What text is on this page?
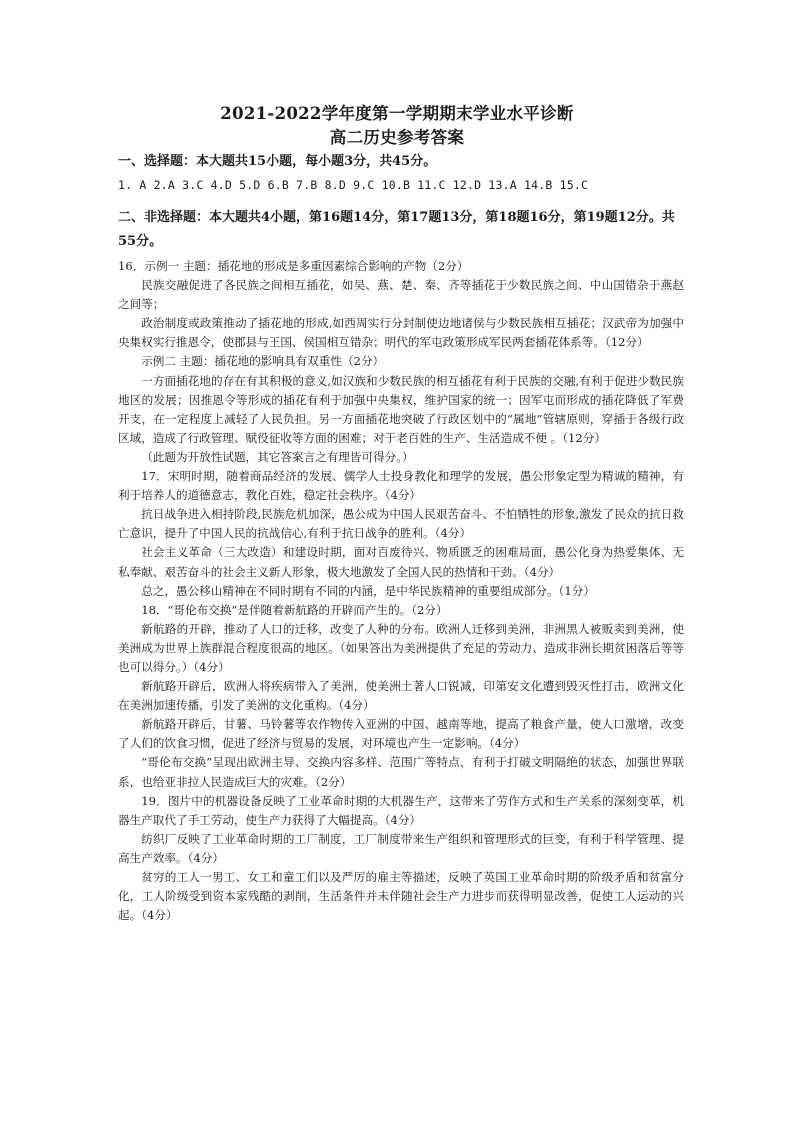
2021-2022学年度第一学期期末学业水平诊断
高二历史参考答案
一、选择题：本大题共15小题，每小题3分，共45分。
1. A 2.A 3.C 4.D 5.D 6.B 7.B 8.D 9.C 10.B 11.C 12.D 13.A 14.B 15.C
二、非选择题：本大题共4小题，第16题14分，第17题13分，第18题16分，第19题12分。共55分。

16．示例一 主题：插花地的形成是多重因素综合影响的产物（2分）

民族交融促进了各民族之间相互插花，如吴、燕、楚、秦、齐等插花于少数民族之间、中山国错杂于燕赵之间等；

政治制度或政策推动了插花地的形成,如西周实行分封制使边地诸侯与少数民族相互插花；汉武帝为加强中央集权实行推恩令，使郡县与王国、侯国相互错杂；明代的军屯政策形成军民两套插花体系等。（12分）

示例二 主题：插花地的影响具有双重性（2分）

一方面插花地的存在有其积极的意义,如汉族和少数民族的相互插花有利于民族的交融,有利于促进少数民族地区的发展；因推恩令等形成的插花有利于加强中央集权，维护国家的统一；因军屯而形成的插花降低了军费开支，在一定程度上减轻了人民负担。另一方面插花地突破了行政区划中的“属地”管辖原则，穿插于各级行政区域，造成了行政管理、赋役征收等方面的困难；对于老百姓的生产、生活造成不便 。（12分）

（此题为开放性试题，其它答案言之有理皆可得分。）

17．宋明时期，随着商品经济的发展、儒学人士投身教化和理学的发展，愚公形象定型为精诚的精神，有利于培养人的道德意志，教化百姓，稳定社会秩序。（4分）

抗日战争进入相持阶段,民族危机加深，愚公成为中国人民艰苦奋斗、不怕牺牲的形象,激发了民众的抗日救亡意识，提升了中国人民的抗战信心,有利于抗日战争的胜利。（4分）

社会主义革命（三大改造）和建设时期，面对百废待兴、物质匮乏的困难局面，愚公化身为热爱集体、无私奉献、艰苦奋斗的社会主义新人形象，极大地激发了全国人民的热情和干劲。（4分）

总之，愚公移山精神在不同时期有不同的内涵，是中华民族精神的重要组成部分。（1分）

18．“哥伦布交换”是伴随着新航路的开辟而产生的。（2分）

新航路的开辟，推动了人口的迁移，改变了人种的分布。欧洲人迁移到美洲，非洲黑人被贩卖到美洲，使美洲成为世界上族群混合程度很高的地区。（如果答出为美洲提供了充足的劳动力、造成非洲长期贫困落后等等也可以得分。）（4分）

新航路开辟后，欧洲人将疾病带入了美洲，使美洲土著人口锐减，印第安文化遭到毁灭性打击，欧洲文化在美洲加速传播，引发了美洲的文化重构。（4分）

新航路开辟后，甘薯、马铃薯等农作物传入亚洲的中国、越南等地，提高了粮食产量，使人口激增，改变了人们的饮食习惯，促进了经济与贸易的发展，对环境也产生一定影响。（4分）

“哥伦布交换”呈现出欧洲主导、交换内容多样、范围广等特点，有利于打破文明隔绝的状态，加强世界联系，也给亚非拉人民造成巨大的灾难。（2分）

19．图片中的机器设备反映了工业革命时期的大机器生产，这带来了劳作方式和生产关系的深刻变革，机器生产取代了手工劳动，使生产力获得了大幅提高。（4分）

纺织厂反映了工业革命时期的工厂制度，工厂制度带来生产组织和管理形式的巨变，有利于科学管理、提高生产效率。（4分）

贫穷的工人一男工、女工和童工们以及严厉的雇主等描述，反映了英国工业革命时期的阶级矛盾和贫富分化，工人阶级受到资本家残酷的剥削，生活条件并未伴随社会生产力进步而获得明显改善，促使工人运动的兴起。（4分）
